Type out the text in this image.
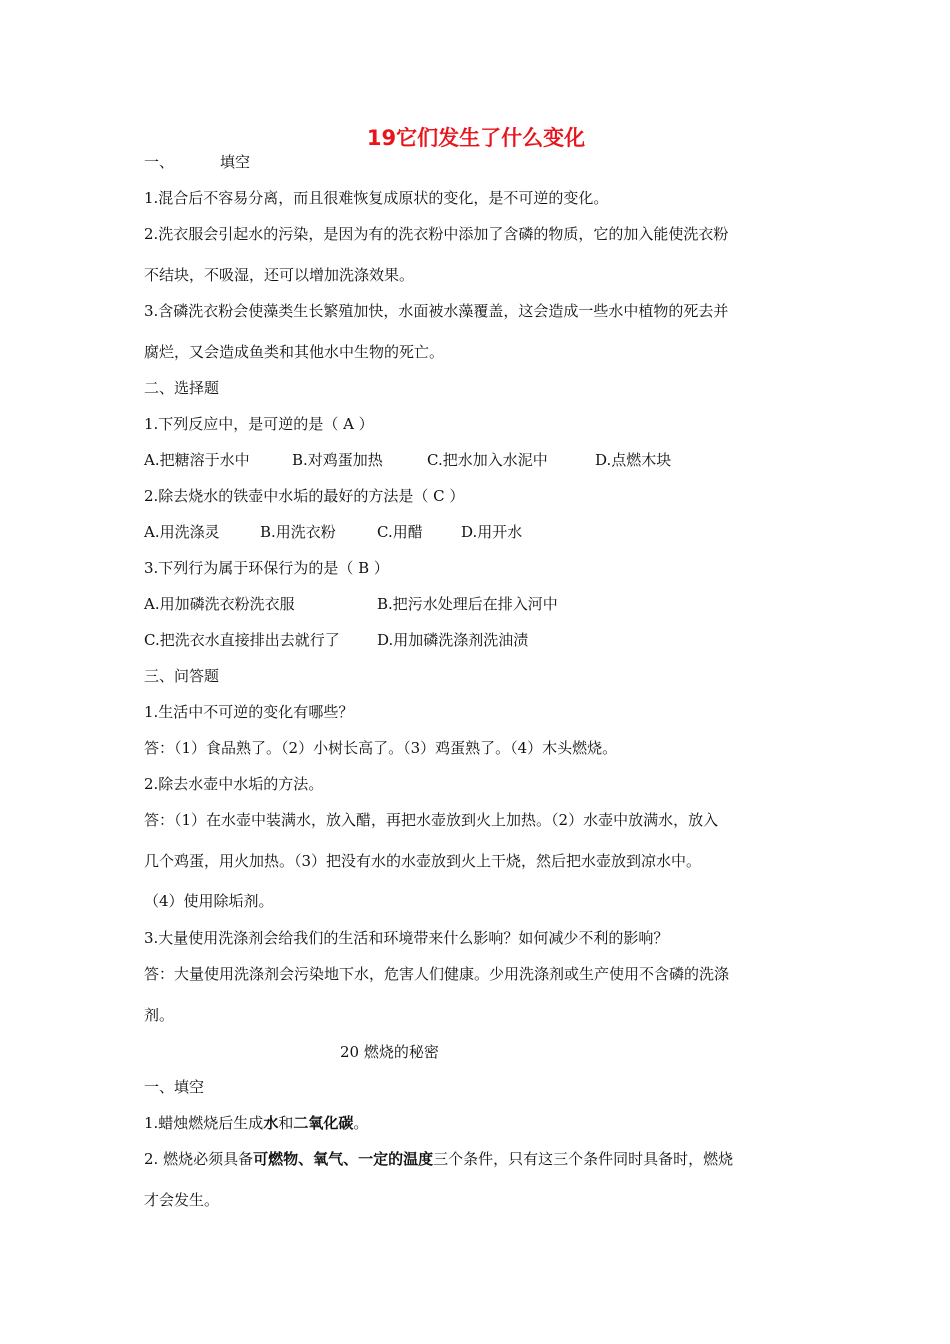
19它们发生了什么变化
一、	填空
1.混合后不容易分离，而且很难恢复成原状的变化，是不可逆的变化。
2.洗衣服会引起水的污染，是因为有的洗衣粉中添加了含磷的物质，它的加入能使洗衣粉
不结块，不吸湿，还可以增加洗涤效果。
3.含磷洗衣粉会使藻类生长繁殖加快，水面被水藻覆盖，这会造成一些水中植物的死去并
腐烂，又会造成鱼类和其他水中生物的死亡。
二、选择题
1.下列反应中，是可逆的是（ A ）
A.把糖溶于水中	B.对鸡蛋加热	C.把水加入水泥中	D.点燃木块
2.除去烧水的铁壶中水垢的最好的方法是（ C ）
A.用洗涤灵	B.用洗衣粉	C.用醋	D.用开水
3.下列行为属于环保行为的是（ B ）
A.用加磷洗衣粉洗衣服	B.把污水处理后在排入河中
C.把洗衣水直接排出去就行了 D.用加磷洗涤剂洗油渍
三、问答题
1.生活中不可逆的变化有哪些？
答：（1）食品熟了。（2）小树长高了。（3）鸡蛋熟了。（4）木头燃烧。
2.除去水壶中水垢的方法。
答：（1）在水壶中装满水，放入醋，再把水壶放到火上加热。（2）水壶中放满水，放入
几个鸡蛋，用火加热。（3）把没有水的水壶放到火上干烧，然后把水壶放到凉水中。
（4）使用除垢剂。
3.大量使用洗涤剂会给我们的生活和环境带来什么影响？如何减少不利的影响？
答：大量使用洗涤剂会污染地下水，危害人们健康。少用洗涤剂或生产使用不含磷的洗涤
剂。
20 燃烧的秘密
一、填空
1.蜡烛燃烧后生成水和二氧化碳。
2. 燃烧必须具备可燃物、氧气、一定的温度三个条件，只有这三个条件同时具备时，燃烧
才会发生。
